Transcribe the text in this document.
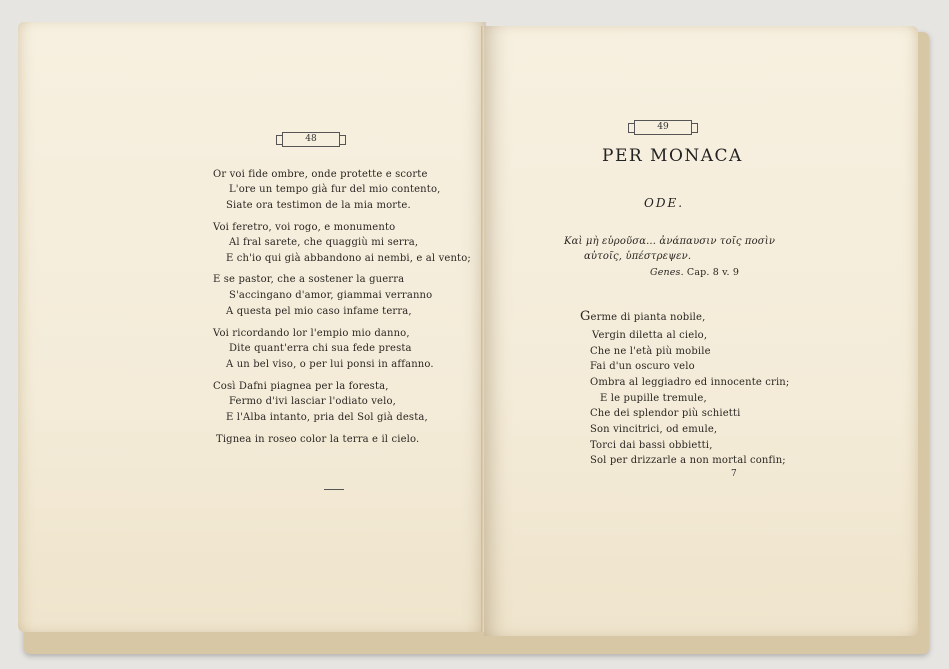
48
Or voi fide ombre, onde protette e scorte
L'ore un tempo già fur del mio contento,
Siate ora testimon de la mia morte.
Voi feretro, voi rogo, e monumento
Al fral sarete, che quaggiù mi serra,
E ch'io qui già abbandono ai nembi, e al vento;
E se pastor, che a sostener la guerra
S'accingano d'amor, giammai verranno
A questa pel mio caso infame terra,
Voi ricordando lor l'empio mio danno,
Dite quant'erra chi sua fede presta
A un bel viso, o per lui ponsi in affanno.
Così Dafni piagnea per la foresta,
Fermo d'ivi lasciar l'odiato velo,
E l'Alba intanto, pria del Sol già desta,
Tignea in roseo color la terra e il cielo.
49
PER MONACA
ODE.
Καὶ μὴ εὑροῦσα... ἀνάπαυσιν τοῖς ποσὶν
αὐτοῖς, ὑπέστρεψεν.
Genes. Cap. 8 v. 9
Germe di pianta nobile,
Vergin diletta al cielo,
Che ne l'età più mobile
Fai d'un oscuro velo
Ombra al leggiadro ed innocente crin;
E le pupille tremule,
Che dei splendor più schietti
Son vincitrici, od emule,
Torci dai bassi obbietti,
Sol per drizzarle a non mortal confin;
7
